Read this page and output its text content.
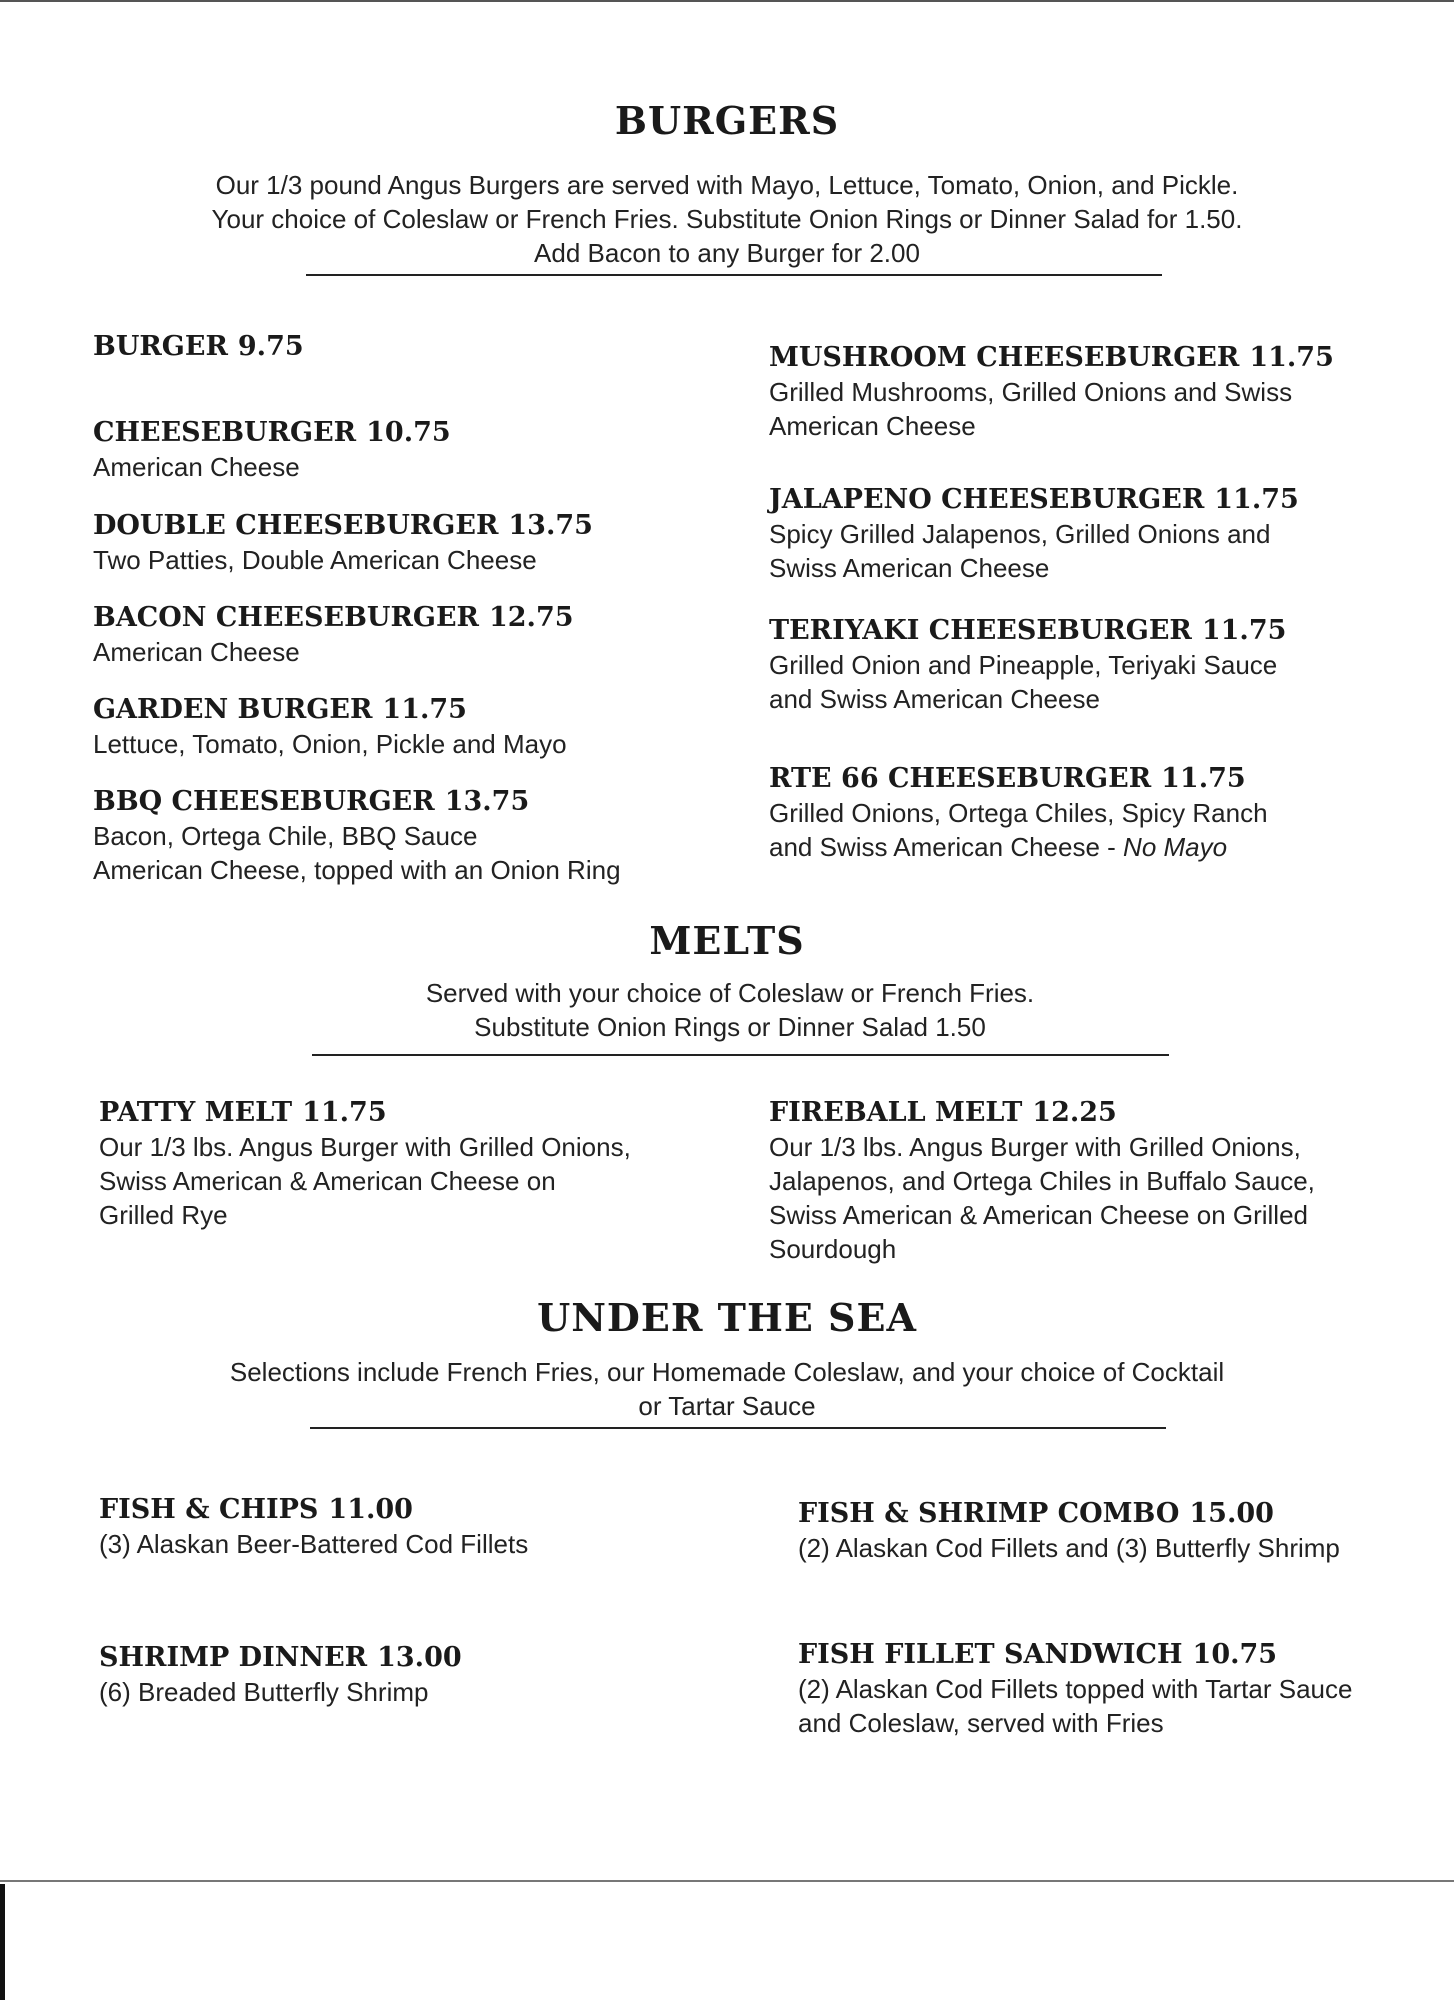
BURGERS
Our 1/3 pound Angus Burgers are served with Mayo, Lettuce, Tomato, Onion, and Pickle.
Your choice of Coleslaw or French Fries. Substitute Onion Rings or Dinner Salad for 1.50.
Add Bacon to any Burger for 2.00
BURGER 9.75
CHEESEBURGER 10.75
American Cheese
DOUBLE CHEESEBURGER 13.75
Two Patties, Double American Cheese
BACON CHEESEBURGER 12.75
American Cheese
GARDEN BURGER 11.75
Lettuce, Tomato, Onion, Pickle and Mayo
BBQ CHEESEBURGER 13.75
Bacon, Ortega Chile, BBQ Sauce
American Cheese, topped with an Onion Ring
MUSHROOM CHEESEBURGER 11.75
Grilled Mushrooms, Grilled Onions and Swiss
American Cheese
JALAPENO CHEESEBURGER 11.75
Spicy Grilled Jalapenos, Grilled Onions and
Swiss American Cheese
TERIYAKI CHEESEBURGER 11.75
Grilled Onion and Pineapple, Teriyaki Sauce
and Swiss American Cheese
RTE 66 CHEESEBURGER 11.75
Grilled Onions, Ortega Chiles, Spicy Ranch
and Swiss American Cheese - No Mayo
MELTS
Served with your choice of Coleslaw or French Fries.
Substitute Onion Rings or Dinner Salad 1.50
PATTY MELT 11.75
Our 1/3 lbs. Angus Burger with Grilled Onions,
Swiss American & American Cheese on
Grilled Rye
FIREBALL MELT 12.25
Our 1/3 lbs. Angus Burger with Grilled Onions,
Jalapenos, and Ortega Chiles in Buffalo Sauce,
Swiss American & American Cheese on Grilled
Sourdough
UNDER THE SEA
Selections include French Fries, our Homemade Coleslaw, and your choice of Cocktail
or Tartar Sauce
FISH & CHIPS 11.00
(3) Alaskan Beer-Battered Cod Fillets
SHRIMP DINNER 13.00
(6) Breaded Butterfly Shrimp
FISH & SHRIMP COMBO 15.00
(2) Alaskan Cod Fillets and (3) Butterfly Shrimp
FISH FILLET SANDWICH 10.75
(2) Alaskan Cod Fillets topped with Tartar Sauce
and Coleslaw, served with Fries
